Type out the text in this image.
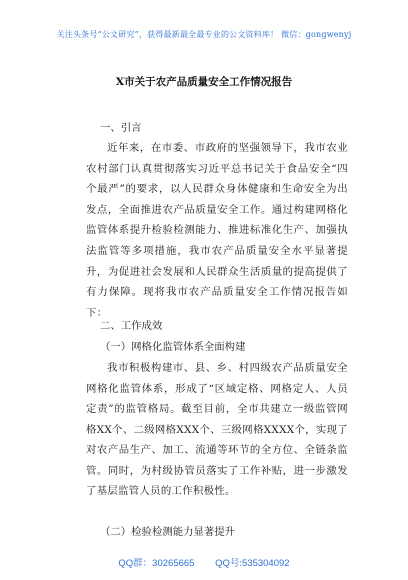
关注头条号“公文研究”，获得最新最全最专业的公文资料库！ 微信：gongwenyj
X市关于农产品质量安全工作情况报告
一、引言
近年来，在市委、市政府的坚强领导下，我市农业农村部门认真贯彻落实习近平总书记关于食品安全“四个最严”的要求，以人民群众身体健康和生命安全为出发点，全面推进农产品质量安全工作。通过构建网格化监管体系提升检验检测能力、推进标准化生产、加强执法监管等多项措施，我市农产品质量安全水平显著提升，为促进社会发展和人民群众生活质量的提高提供了有力保障。现将我市农产品质量安全工作情况报告如下：
二、工作成效
（一）网格化监管体系全面构建
我市积极构建市、县、乡、村四级农产品质量安全网格化监管体系，形成了“区域定格、网格定人、人员定责”的监管格局。截至目前，全市共建立一级监管网格XX个、二级网格XXX个、三级网格XXXX个，实现了对农产品生产、加工、流通等环节的全方位、全链条监管。同时，为村级协管员落实了工作补贴，进一步激发了基层监管人员的工作积极性。
（二）检验检测能力显著提升
QQ群：30265665 QQ号:535304092
